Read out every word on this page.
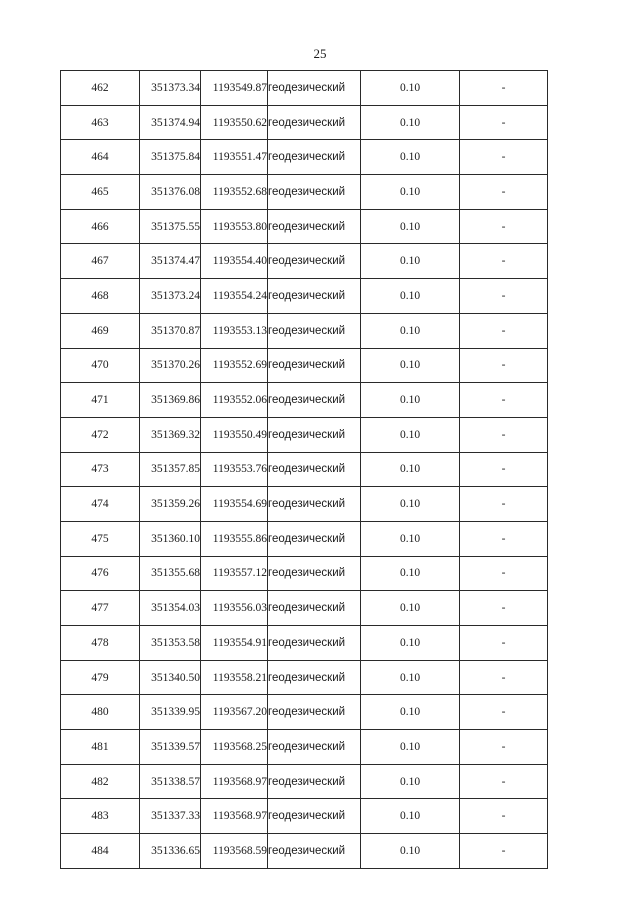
25
462	351373.34	1193549.87	геодезический	0.10	-
463	351374.94	1193550.62	геодезический	0.10	-
464	351375.84	1193551.47	геодезический	0.10	-
465	351376.08	1193552.68	геодезический	0.10	-
466	351375.55	1193553.80	геодезический	0.10	-
467	351374.47	1193554.40	геодезический	0.10	-
468	351373.24	1193554.24	геодезический	0.10	-
469	351370.87	1193553.13	геодезический	0.10	-
470	351370.26	1193552.69	геодезический	0.10	-
471	351369.86	1193552.06	геодезический	0.10	-
472	351369.32	1193550.49	геодезический	0.10	-
473	351357.85	1193553.76	геодезический	0.10	-
474	351359.26	1193554.69	геодезический	0.10	-
475	351360.10	1193555.86	геодезический	0.10	-
476	351355.68	1193557.12	геодезический	0.10	-
477	351354.03	1193556.03	геодезический	0.10	-
478	351353.58	1193554.91	геодезический	0.10	-
479	351340.50	1193558.21	геодезический	0.10	-
480	351339.95	1193567.20	геодезический	0.10	-
481	351339.57	1193568.25	геодезический	0.10	-
482	351338.57	1193568.97	геодезический	0.10	-
483	351337.33	1193568.97	геодезический	0.10	-
484	351336.65	1193568.59	геодезический	0.10	-
